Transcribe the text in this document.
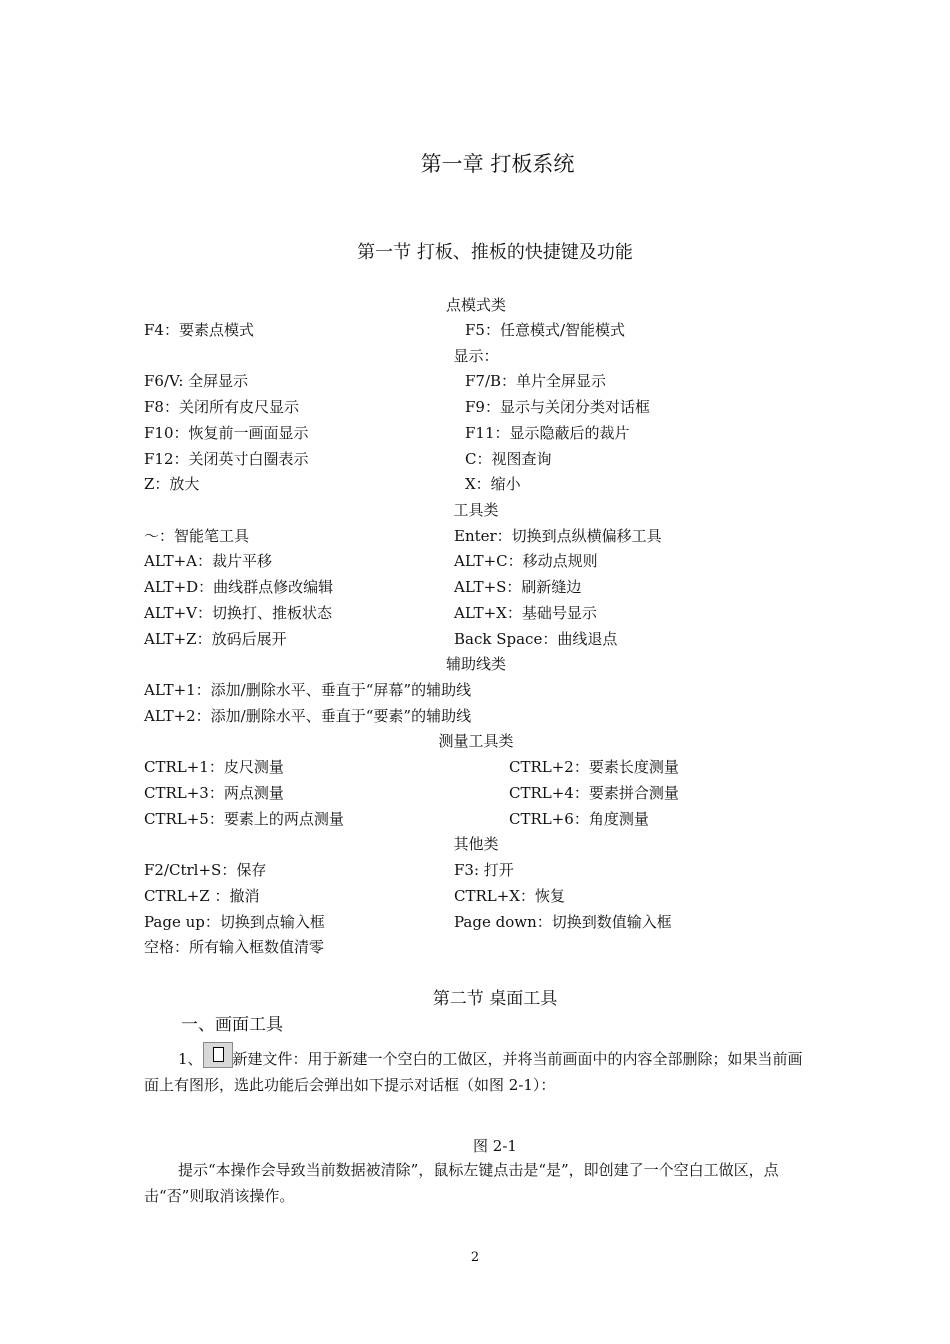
第一章 打板系统
第一节 打板、推板的快捷键及功能
点模式类
F4：要素点模式	F5：任意模式/智能模式
显示：
F6/V: 全屏显示	F7/B：单片全屏显示
F8：关闭所有皮尺显示	F9：显示与关闭分类对话框
F10：恢复前一画面显示	F11：显示隐蔽后的裁片
F12：关闭英寸白圈表示	C：视图查询
Z：放大	X：缩小
工具类
～：智能笔工具	Enter：切换到点纵横偏移工具
ALT+A：裁片平移	ALT+C：移动点规则
ALT+D：曲线群点修改编辑	ALT+S：刷新缝边
ALT+V：切换打、推板状态	ALT+X：基础号显示
ALT+Z：放码后展开	Back Space：曲线退点
辅助线类
ALT+1：添加/删除水平、垂直于“屏幕”的辅助线
ALT+2：添加/删除水平、垂直于“要素”的辅助线
测量工具类
CTRL+1：皮尺测量	CTRL+2：要素长度测量
CTRL+3：两点测量	CTRL+4：要素拼合测量
CTRL+5：要素上的两点测量	CTRL+6：角度测量
其他类
F2/Ctrl+S：保存	F3: 打开
CTRL+Z ：撤消	CTRL+X：恢复
Page up：切换到点输入框	Page down：切换到数值输入框
空格：所有输入框数值清零
第二节 桌面工具
一、画面工具
1、 新建文件：用于新建一个空白的工做区，并将当前画面中的内容全部删除；如果当前画面上有图形，选此功能后会弹出如下提示对话框（如图 2-1）：
图 2-1
提示“本操作会导致当前数据被清除”，鼠标左键点击是“是”，即创建了一个空白工做区，点击“否”则取消该操作。
2
